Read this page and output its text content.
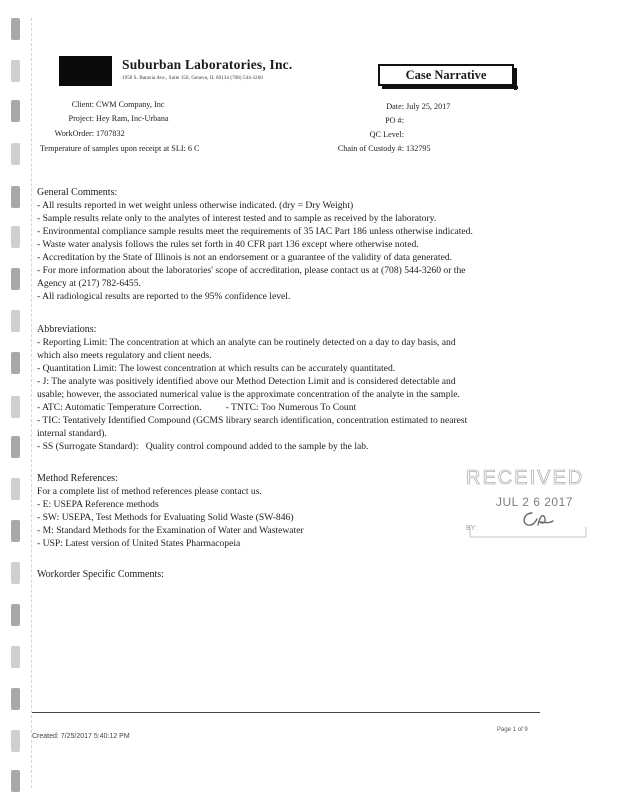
Suburban Laboratories, Inc.
1950 S. Batavia Ave., Suite 150, Geneva, IL 60134 (708) 544-3260	Case Narrative
Client: CWM Company, Inc
Project: Hey Ram, Inc-Urbana
WorkOrder: 1707832
Temperature of samples upon receipt at SLI: 6 C
Date: July 25, 2017
PO #:
QC Level:
Chain of Custody #: 132795
General Comments:
- All results reported in wet weight unless otherwise indicated. (dry = Dry Weight)
- Sample results relate only to the analytes of interest tested and to sample as received by the laboratory.
- Environmental compliance sample results meet the requirements of 35 IAC Part 186 unless otherwise indicated.
- Waste water analysis follows the rules set forth in 40 CFR part 136 except where otherwise noted.
- Accreditation by the State of Illinois is not an endorsement or a guarantee of the validity of data generated.
- For more information about the laboratories' scope of accreditation, please contact us at (708) 544-3260 or the
Agency at (217) 782-6455.
- All radiological results are reported to the 95% confidence level.
Abbreviations:
- Reporting Limit: The concentration at which an analyte can be routinely detected on a day to day basis, and
which also meets regulatory and client needs.
- Quantitation Limit: The lowest concentration at which results can be accurately quantitated.
- J: The analyte was positively identified above our Method Detection Limit and is considered detectable and
usable; however, the associated numerical value is the approximate concentration of the analyte in the sample.
- ATC: Automatic Temperature Correction.          - TNTC: Too Numerous To Count
- TIC: Tentatively Identified Compound (GCMS library search identification, concentration estimated to nearest
internal standard).
- SS (Surrogate Standard):   Quality control compound added to the sample by the lab.
Method References:
For a complete list of method references please contact us.
- E: USEPA Reference methods
- SW: USEPA, Test Methods for Evaluating Solid Waste (SW-846)
- M: Standard Methods for the Examination of Water and Wastewater
- USP: Latest version of United States Pharmacopeia
Workorder Specific Comments:
RECEIVED
JUL 2 6 2017
BY:
Page 1 of 9
Created: 7/25/2017 5:40:12 PM
